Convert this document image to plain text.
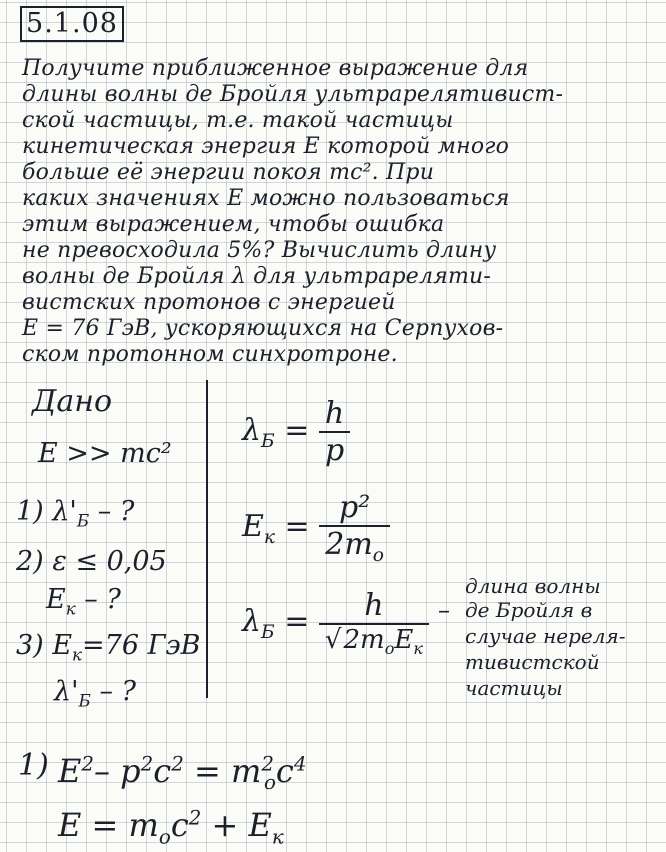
5.1.08
Получите приближенное выражение для
длины волны де Бройля ультрарелятивист-
ской частицы, т.е. такой частицы
кинетическая энергия E которой много
больше её энергии покоя mc². При
каких значениях E можно пользоваться
этим выражением, чтобы ошибка
не превосходила 5%? Вычислить длину
волны де Бройля λ для ультрареляти-
вистских протонов с энергией
E = 76 ГэВ, ускоряющихся на Серпухов-
ском протонном синхротроне.
Дано
E >> mc²
1) $\lambda'_Б$ – ?
2) ε ≤ 0,05
$E_к$ – ?
3) $E_к=76$ ГэВ
$\lambda'_Б$ – ?
$\lambda_Б = \frac{h}{p}$
$E_к = \frac{\text{p²}}{2m_o}$
$\lambda_Б = \frac{h}{√2m_oE_к}$ –
длина волны
де Бройля в
случае нереля-
тивистской
частицы
1) $E^2-$ $p^2c^2 = m^2_oc^4$
$E = m_oc^2 + E_к$
